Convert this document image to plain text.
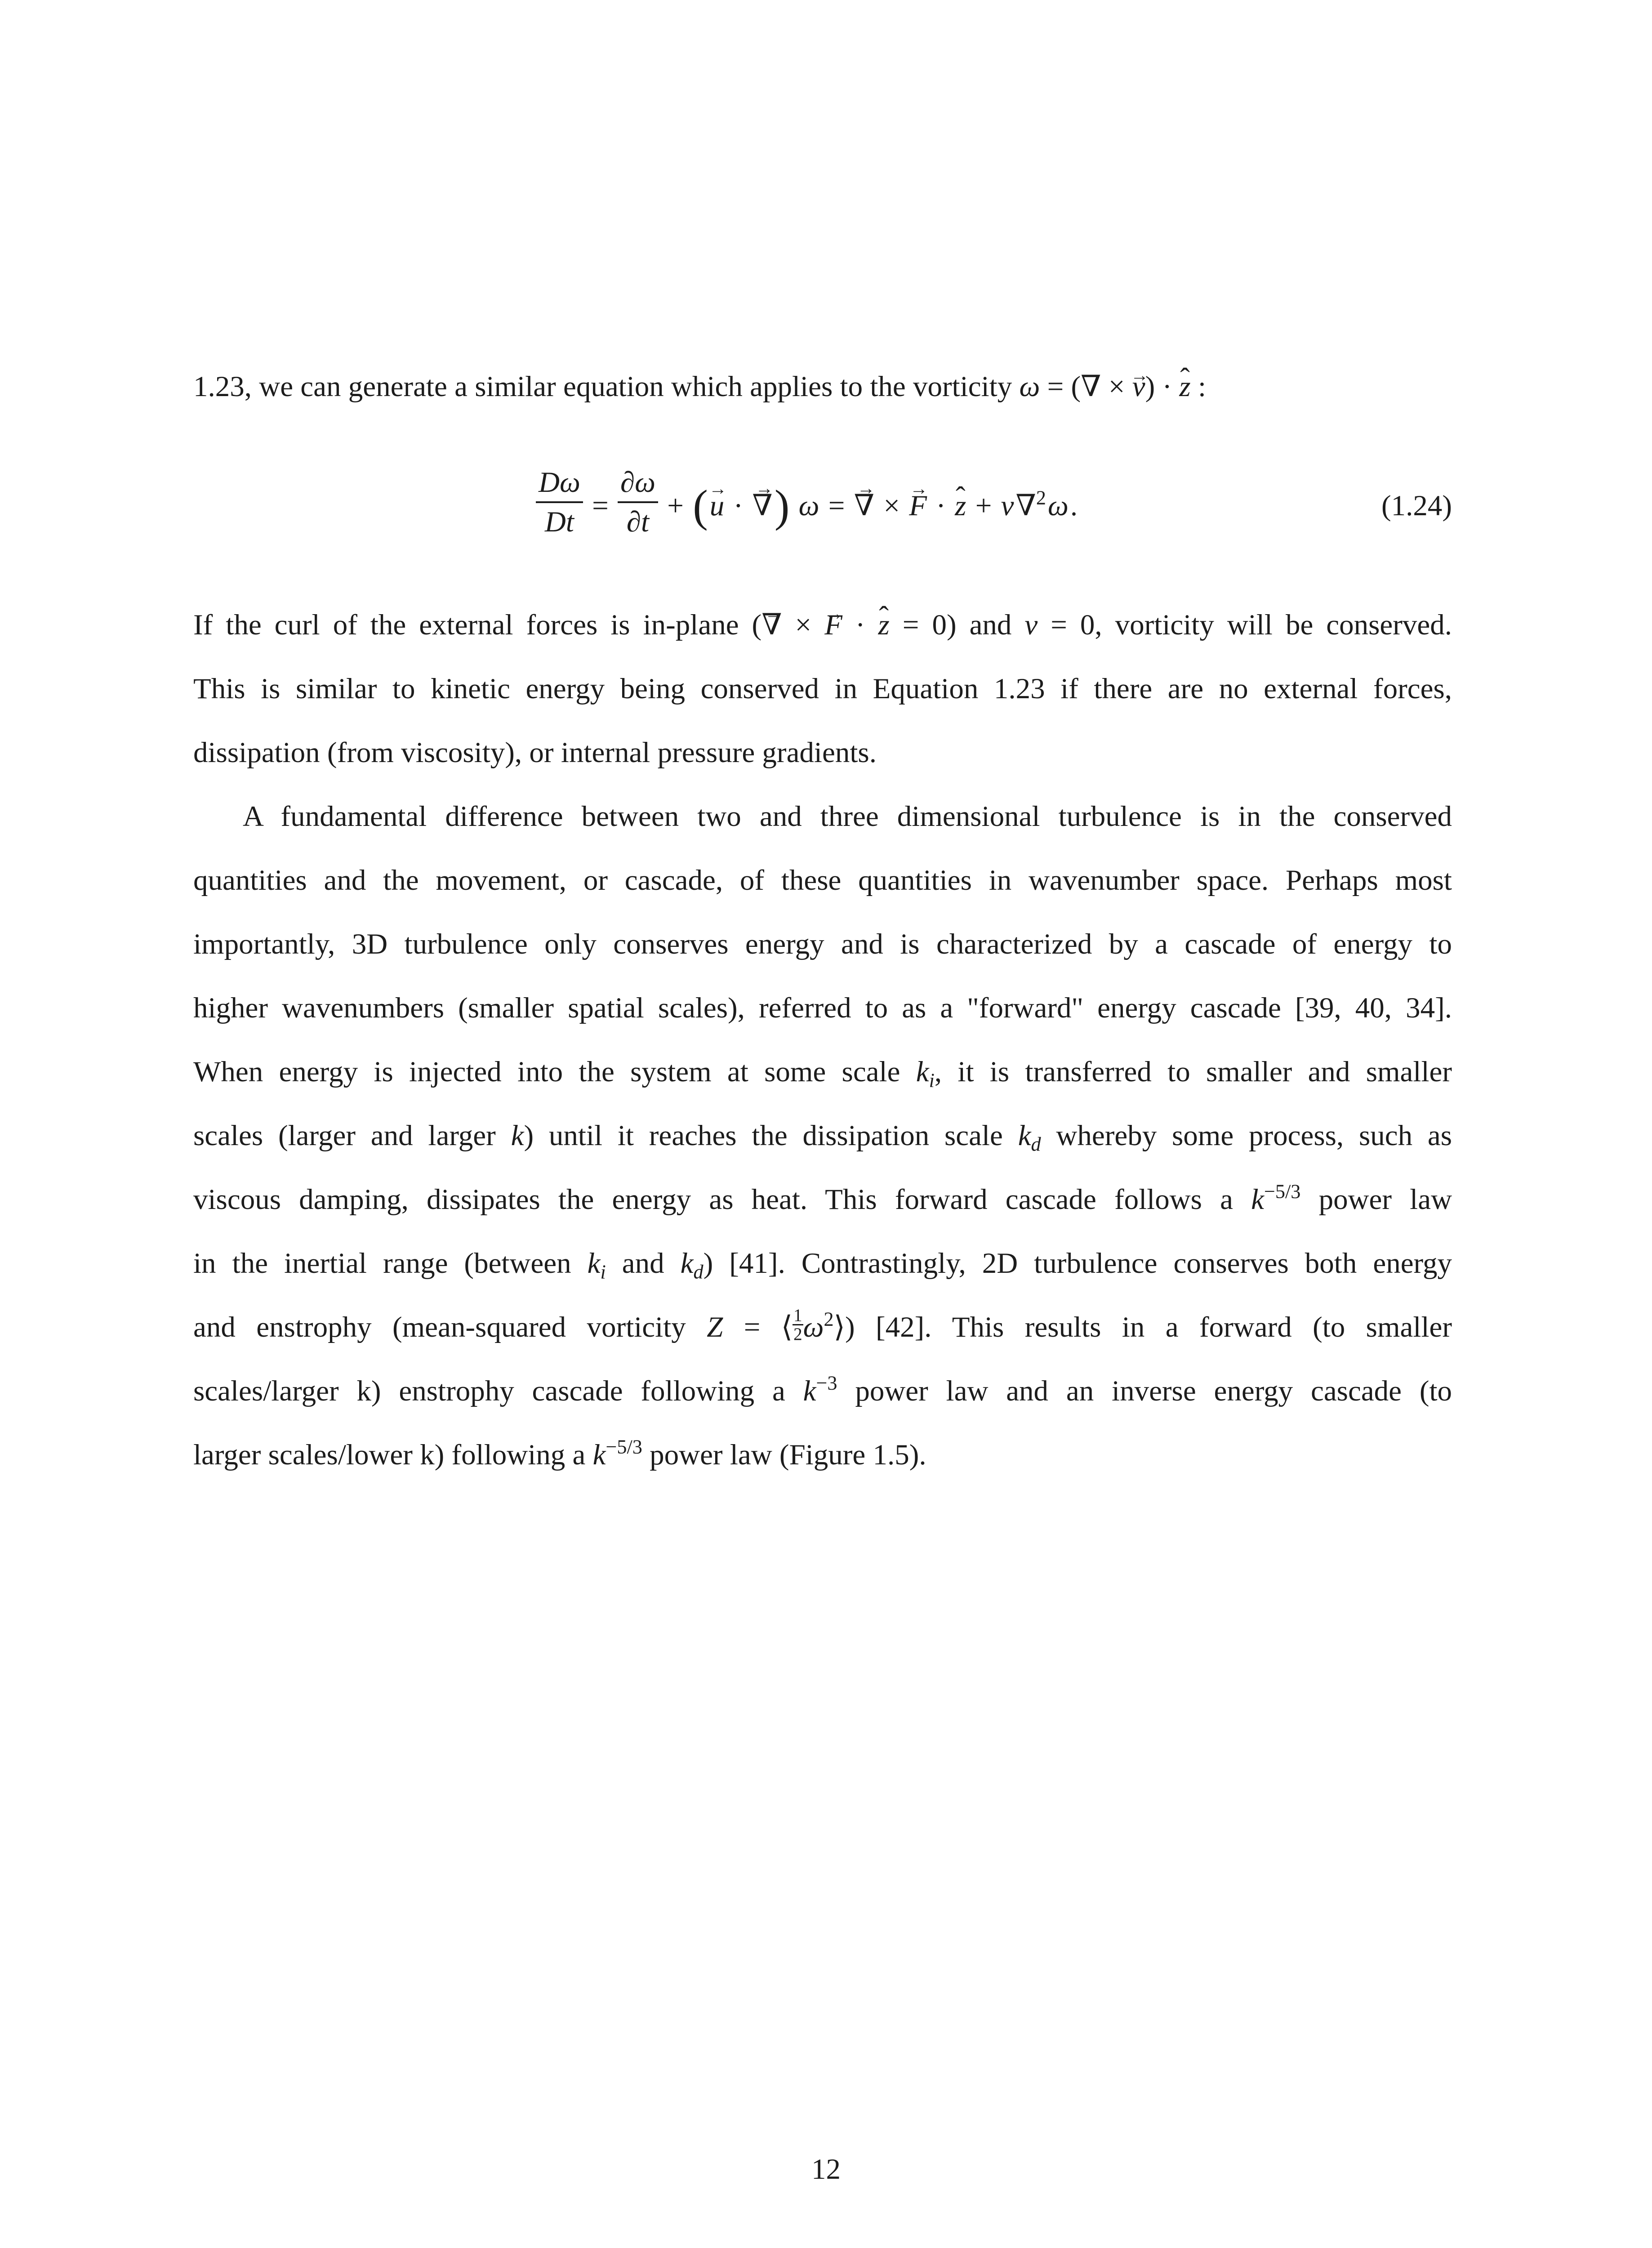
1.23, we can generate a similar equation which applies to the vorticity ω = (∇ × → v) · ˆ z :
$\frac{D\omega}{Dt} = \frac{\partial\omega}{\partial t}$ + ( → u · → ∇ ) ω = → ∇ × → F · ˆ z + ν ∇$^2$ ω .	(1.24)
If the curl of the external forces is in-plane (→ ∇ × → F · ˆ z = 0) and ν = 0, vorticity will be conserved.
This is similar to kinetic energy being conserved in Equation 1.23 if there are no external forces,
dissipation (from viscosity), or internal pressure gradients.
A fundamental difference between two and three dimensional turbulence is in the conserved
quantities and the movement, or cascade, of these quantities in wavenumber space. Perhaps most
importantly, 3D turbulence only conserves energy and is characterized by a cascade of energy to
higher wavenumbers (smaller spatial scales), referred to as a "forward" energy cascade [39, 40, 34].
When energy is injected into the system at some scale $k_i$, it is transferred to smaller and smaller
scales (larger and larger k) until it reaches the dissipation scale $k_d$ whereby some process, such as
viscous damping, dissipates the energy as heat. This forward cascade follows a $k^{-5/3}$ power law
in the inertial range (between $k_i$ and $k_d$) [41]. Contrastingly, 2D turbulence conserves both energy
and enstrophy (mean-squared vorticity Z = ⟨ $\frac{1}{2}$ $\omega^2⟩$) [42]. This results in a forward (to smaller
scales/larger k) enstrophy cascade following a $k^{-3}$ power law and an inverse energy cascade (to
larger scales/lower k) following a $k^{-5/3}$ power law (Figure 1.5).
12
